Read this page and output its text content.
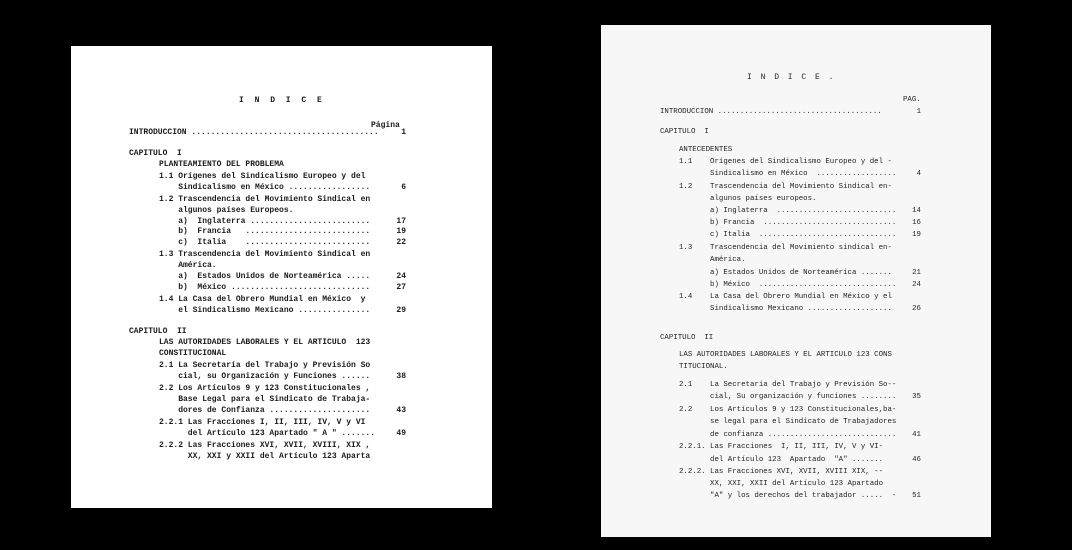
I N D I C E
Página
INTRODUCCION .......................................	1
CAPITULO  I
PLANTEAMIENTO DEL PROBLEMA
1.1 Orígenes del Sindicalismo Europeo y del
Sindicalismo en México .................	6
1.2 Trascendencia del Movimiento Sindical en
algunos países Europeos.
a)  Inglaterra .........................	17
b)  Francia   ..........................	19
c)  Italia    ..........................	22
1.3 Trascendencia del Movimiento Sindical en
América.
a)  Estados Unidos de Norteamérica .....	24
b)  México .............................	27
1.4 La Casa del Obrero Mundial en México  y
el Sindicalismo Mexicano ...............	29
CAPITULO  II
LAS AUTORIDADES LABORALES Y EL ARTICULO  123
CONSTITUCIONAL
2.1 La Secretaría del Trabajo y Previsión So
cial, su Organización y Funciones ......	38
2.2 Los Artículos 9 y 123 Constitucionales ,
Base Legal para el Sindicato de Trabaja-
dores de Confianza .....................	43
2.2.1 Las Fracciones I, II, III, IV, V y VI
del Artículo 123 Apartado " A " .......	49
2.2.2 Las Fracciones XVI, XVII, XVIII, XIX ,
XX, XXI y XXII del Artículo 123 Aparta
I N D I C E .
PAG.
INTRODUCCION .....................................	1
CAPITULO  I
ANTECEDENTES
1.1    Orígenes del Sindicalismo Europeo y del -
Sindicalismo en México  ..................	4
1.2    Trascendencia del Movimiento Sindical en-
algunos países europeos.
a) Inglaterra  ...........................	14
b) Francia  ..............................	16
c) Italia  ...............................	19
1.3    Trascendencia del Movimiento sindical en-
América.
a) Estados Unidos de Norteamérica .......	21
b) México  ...............................	24
1.4    La Casa del Obrero Mundial en México y el
Sindicalismo Mexicano ...................	26
CAPITULO  II
LAS AUTORIDADES LABORALES Y EL ARTICULO 123 CONS
TITUCIONAL.
2.1    La Secretaría del Trabajo y Previsión So--
cial, Su organización y funciones ........	35
2.2    Los Artículos 9 y 123 Constitucionales,ba-
se legal para el Sindicato de Trabajadores
de confianza .............................	41
2.2.1. Las Fracciones  I, II, III, IV, V y VI-
del Artículo 123  Apartado  "A" .......	46
2.2.2. Las Fracciones XVI, XVII, XVIII XIX, --
XX, XXI, XXII del Artículo 123 Apartado
"A" y los derechos del trabajador .....  -	51
